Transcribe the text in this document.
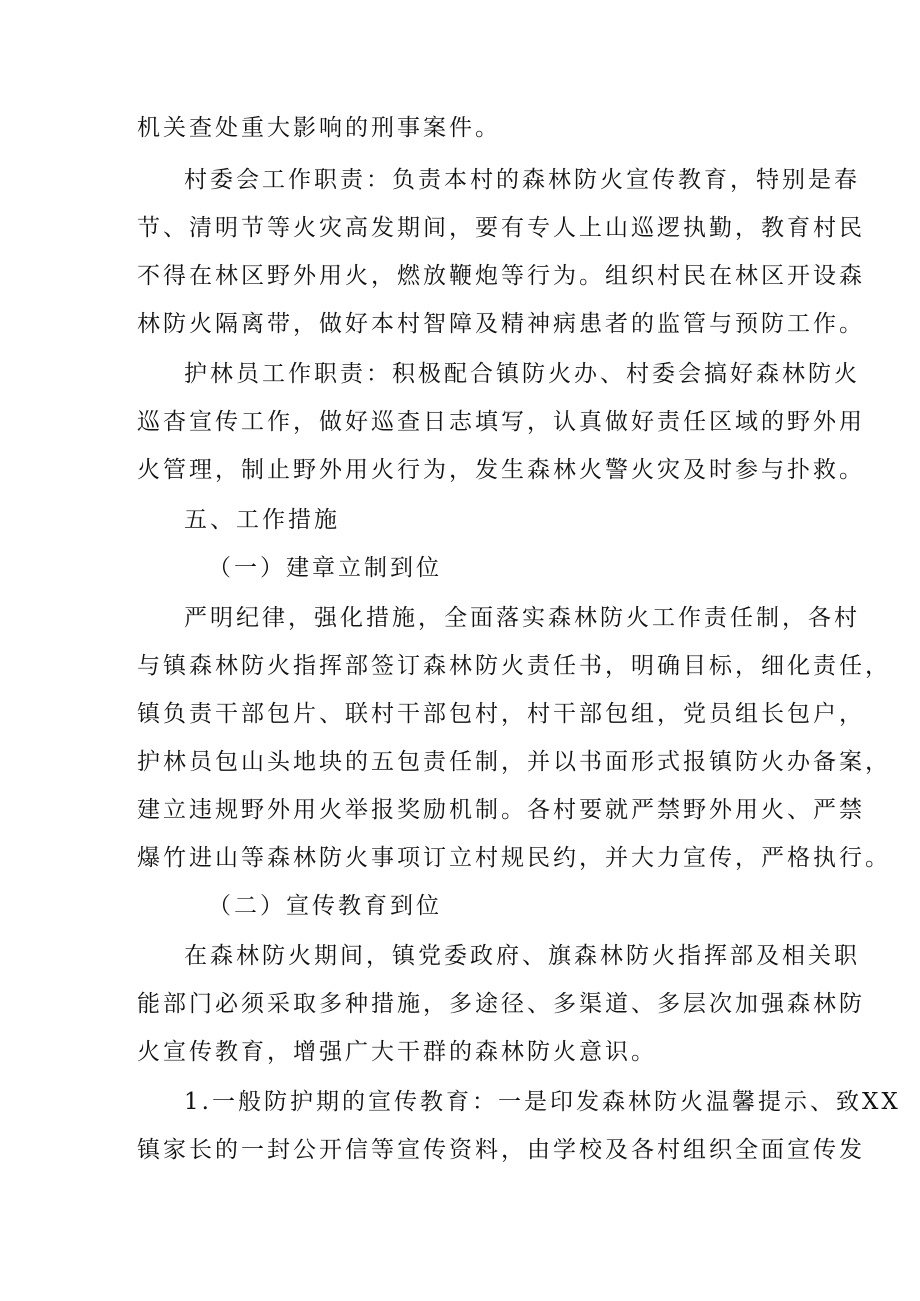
机关查处重大影响的刑事案件。
村委会工作职责：负责本村的森林防火宣传教育，特别是春
节、清明节等火灾高发期间，要有专人上山巡逻执勤，教育村民
不得在林区野外用火，燃放鞭炮等行为。组织村民在林区开设森
林防火隔离带，做好本村智障及精神病患者的监管与预防工作。
护林员工作职责：积极配合镇防火办、村委会搞好森林防火
巡杳宣传工作，做好巡查日志填写，认真做好责任区域的野外用
火管理，制止野外用火行为，发生森林火警火灾及时参与扑救。
五、工作措施
（一）建章立制到位
严明纪律，强化措施，全面落实森林防火工作责任制，各村
与镇森林防火指挥部签订森林防火责任书，明确目标，细化责任，
镇负责干部包片、联村干部包村，村干部包组，党员组长包户，
护林员包山头地块的五包责任制，并以书面形式报镇防火办备案，
建立违规野外用火举报奖励机制。各村要就严禁野外用火、严禁
爆竹进山等森林防火事项订立村规民约，并大力宣传，严格执行。
（二）宣传教育到位
在森林防火期间，镇党委政府、旗森林防火指挥部及相关职
能部门必须采取多种措施，多途径、多渠道、多层次加强森林防
火宣传教育，增强广大干群的森林防火意识。
1.一般防护期的宣传教育：一是印发森林防火温馨提示、致XX
镇家长的一封公开信等宣传资料，由学校及各村组织全面宣传发
